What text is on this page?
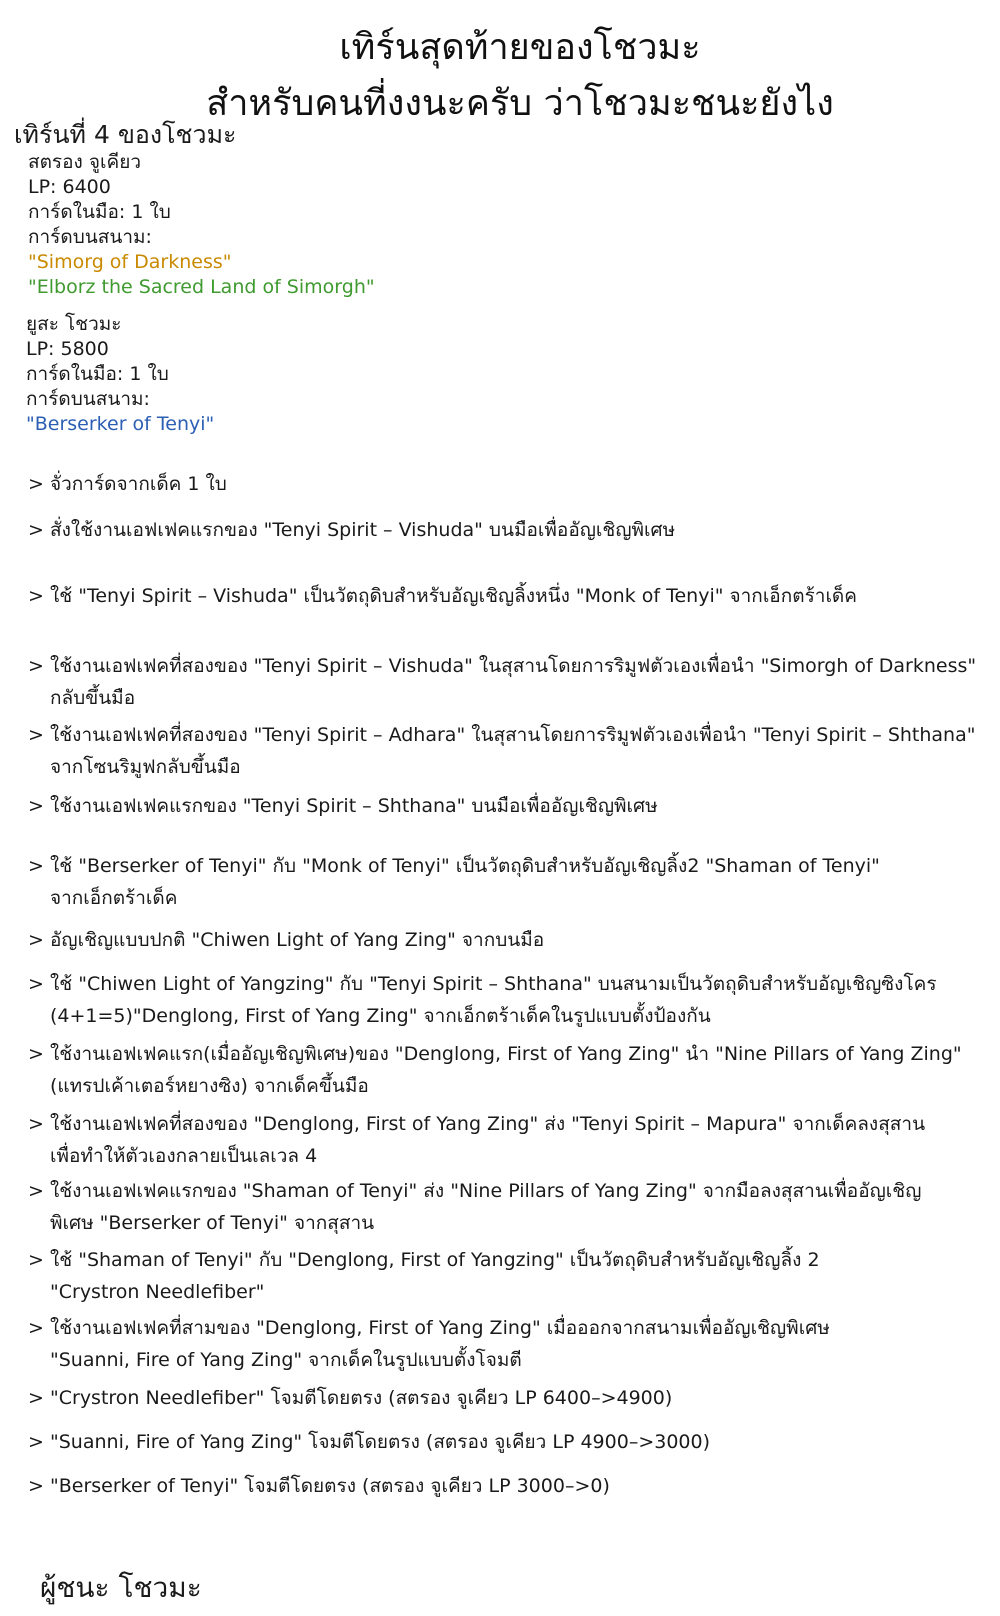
เทิร์นสุดท้ายของโชวมะ
สำหรับคนที่งงนะครับ ว่าโชวมะชนะยังไง
เทิร์นที่ 4 ของโชวมะ
สตรอง จูเคียว
LP: 6400
การ์ดในมือ: 1 ใบ
การ์ดบนสนาม:
"Simorg of Darkness"
"Elborz the Sacred Land of Simorgh"
ยูสะ โชวมะ
LP: 5800
การ์ดในมือ: 1 ใบ
การ์ดบนสนาม:
"Berserker of Tenyi"
> จั่วการ์ดจากเด็ค 1 ใบ
> สั่งใช้งานเอฟเฟคแรกของ "Tenyi Spirit – Vishuda" บนมือเพื่ออัญเชิญพิเศษ
> ใช้ "Tenyi Spirit – Vishuda" เป็นวัตถุดิบสำหรับอัญเชิญลิ้งหนึ่ง "Monk of Tenyi" จากเอ็กตร้าเด็ค
> ใช้งานเอฟเฟคที่สองของ "Tenyi Spirit – Vishuda" ในสุสานโดยการริมูฟตัวเองเพื่อนำ "Simorgh of Darkness"
กลับขึ้นมือ
> ใช้งานเอฟเฟคที่สองของ "Tenyi Spirit – Adhara" ในสุสานโดยการริมูฟตัวเองเพื่อนำ "Tenyi Spirit – Shthana"
จากโซนริมูฟกลับขึ้นมือ
> ใช้งานเอฟเฟคแรกของ "Tenyi Spirit – Shthana" บนมือเพื่ออัญเชิญพิเศษ
> ใช้ "Berserker of Tenyi" กับ "Monk of Tenyi" เป็นวัตถุดิบสำหรับอัญเชิญลิ้ง2 "Shaman of Tenyi"
จากเอ็กตร้าเด็ค
> อัญเชิญแบบปกติ "Chiwen Light of Yang Zing" จากบนมือ
> ใช้ "Chiwen Light of Yangzing" กับ "Tenyi Spirit – Shthana" บนสนามเป็นวัตถุดิบสำหรับอัญเชิญซิงโคร
(4+1=5)"Denglong, First of Yang Zing" จากเอ็กตร้าเด็คในรูปแบบตั้งป้องกัน
> ใช้งานเอฟเฟคแรก(เมื่ออัญเชิญพิเศษ)ของ "Denglong, First of Yang Zing" นำ "Nine Pillars of Yang Zing"
(แทรปเค้าเตอร์หยางซิง) จากเด็คขึ้นมือ
> ใช้งานเอฟเฟคที่สองของ "Denglong, First of Yang Zing" ส่ง "Tenyi Spirit – Mapura" จากเด็คลงสุสาน
เพื่อทำให้ตัวเองกลายเป็นเลเวล 4
> ใช้งานเอฟเฟคแรกของ "Shaman of Tenyi" ส่ง "Nine Pillars of Yang Zing" จากมือลงสุสานเพื่ออัญเชิญ
พิเศษ "Berserker of Tenyi" จากสุสาน
> ใช้ "Shaman of Tenyi" กับ "Denglong, First of Yangzing" เป็นวัตถุดิบสำหรับอัญเชิญลิ้ง 2
"Crystron Needlefiber"
> ใช้งานเอฟเฟคที่สามของ "Denglong, First of Yang Zing" เมื่อออกจากสนามเพื่ออัญเชิญพิเศษ
"Suanni, Fire of Yang Zing" จากเด็คในรูปแบบตั้งโจมตี
> "Crystron Needlefiber" โจมตีโดยตรง (สตรอง จูเคียว LP 6400–>4900)
> "Suanni, Fire of Yang Zing" โจมตีโดยตรง (สตรอง จูเคียว LP 4900–>3000)
> "Berserker of Tenyi" โจมตีโดยตรง (สตรอง จูเคียว LP 3000–>0)
ผู้ชนะ โชวมะ
